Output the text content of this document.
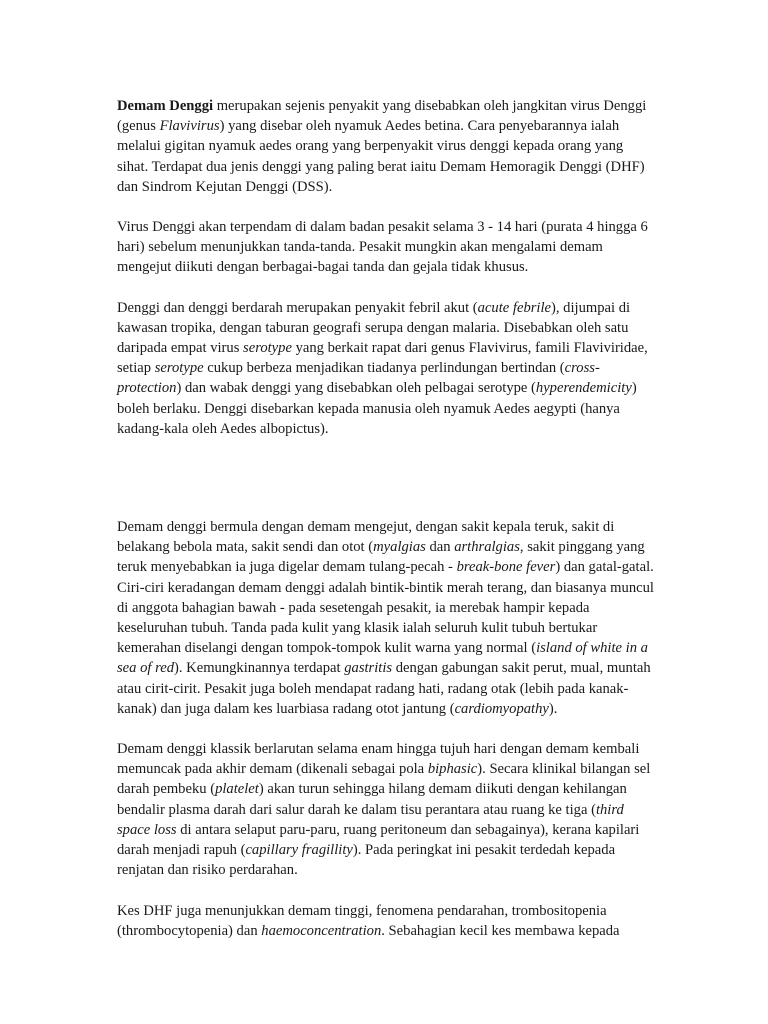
Demam Denggi merupakan sejenis penyakit yang disebabkan oleh jangkitan virus Denggi (genus Flavivirus) yang disebar oleh nyamuk Aedes betina. Cara penyebarannya ialah melalui gigitan nyamuk aedes orang yang berpenyakit virus denggi kepada orang yang sihat. Terdapat dua jenis denggi yang paling berat iaitu Demam Hemoragik Denggi (DHF) dan Sindrom Kejutan Denggi (DSS).

Virus Denggi akan terpendam di dalam badan pesakit selama 3 - 14 hari (purata 4 hingga 6 hari) sebelum menunjukkan tanda-tanda. Pesakit mungkin akan mengalami demam mengejut diikuti dengan berbagai-bagai tanda dan gejala tidak khusus.

Denggi dan denggi berdarah merupakan penyakit febril akut (acute febrile), dijumpai di kawasan tropika, dengan taburan geografi serupa dengan malaria. Disebabkan oleh satu daripada empat virus serotype yang berkait rapat dari genus Flavivirus, famili Flaviviridae, setiap serotype cukup berbeza menjadikan tiadanya perlindungan bertindan (cross-protection) dan wabak denggi yang disebabkan oleh pelbagai serotype (hyperendemicity) boleh berlaku. Denggi disebarkan kepada manusia oleh nyamuk Aedes aegypti (hanya kadang-kala oleh Aedes albopictus).

Demam denggi bermula dengan demam mengejut, dengan sakit kepala teruk, sakit di belakang bebola mata, sakit sendi dan otot (myalgias dan arthralgias, sakit pinggang yang teruk menyebabkan ia juga digelar demam tulang-pecah - break-bone fever) dan gatal-gatal. Ciri-ciri keradangan demam denggi adalah bintik-bintik merah terang, dan biasanya muncul di anggota bahagian bawah - pada sesetengah pesakit, ia merebak hampir kepada keseluruhan tubuh. Tanda pada kulit yang klasik ialah seluruh kulit tubuh bertukar kemerahan diselangi dengan tompok-tompok kulit warna yang normal (island of white in a sea of red). Kemungkinannya terdapat gastritis dengan gabungan sakit perut, mual, muntah atau cirit-cirit. Pesakit juga boleh mendapat radang hati, radang otak (lebih pada kanak-kanak) dan juga dalam kes luarbiasa radang otot jantung (cardiomyopathy).

Demam denggi klassik berlarutan selama enam hingga tujuh hari dengan demam kembali memuncak pada akhir demam (dikenali sebagai pola biphasic). Secara klinikal bilangan sel darah pembeku (platelet) akan turun sehingga hilang demam diikuti dengan kehilangan bendalir plasma darah dari salur darah ke dalam tisu perantara atau ruang ke tiga (third space loss di antara selaput paru-paru, ruang peritoneum dan sebagainya), kerana kapilari darah menjadi rapuh (capillary fragillity). Pada peringkat ini pesakit terdedah kepada renjatan dan risiko perdarahan.

Kes DHF juga menunjukkan demam tinggi, fenomena pendarahan, trombositopenia (thrombocytopenia) dan haemoconcentration. Sebahagian kecil kes membawa kepada
